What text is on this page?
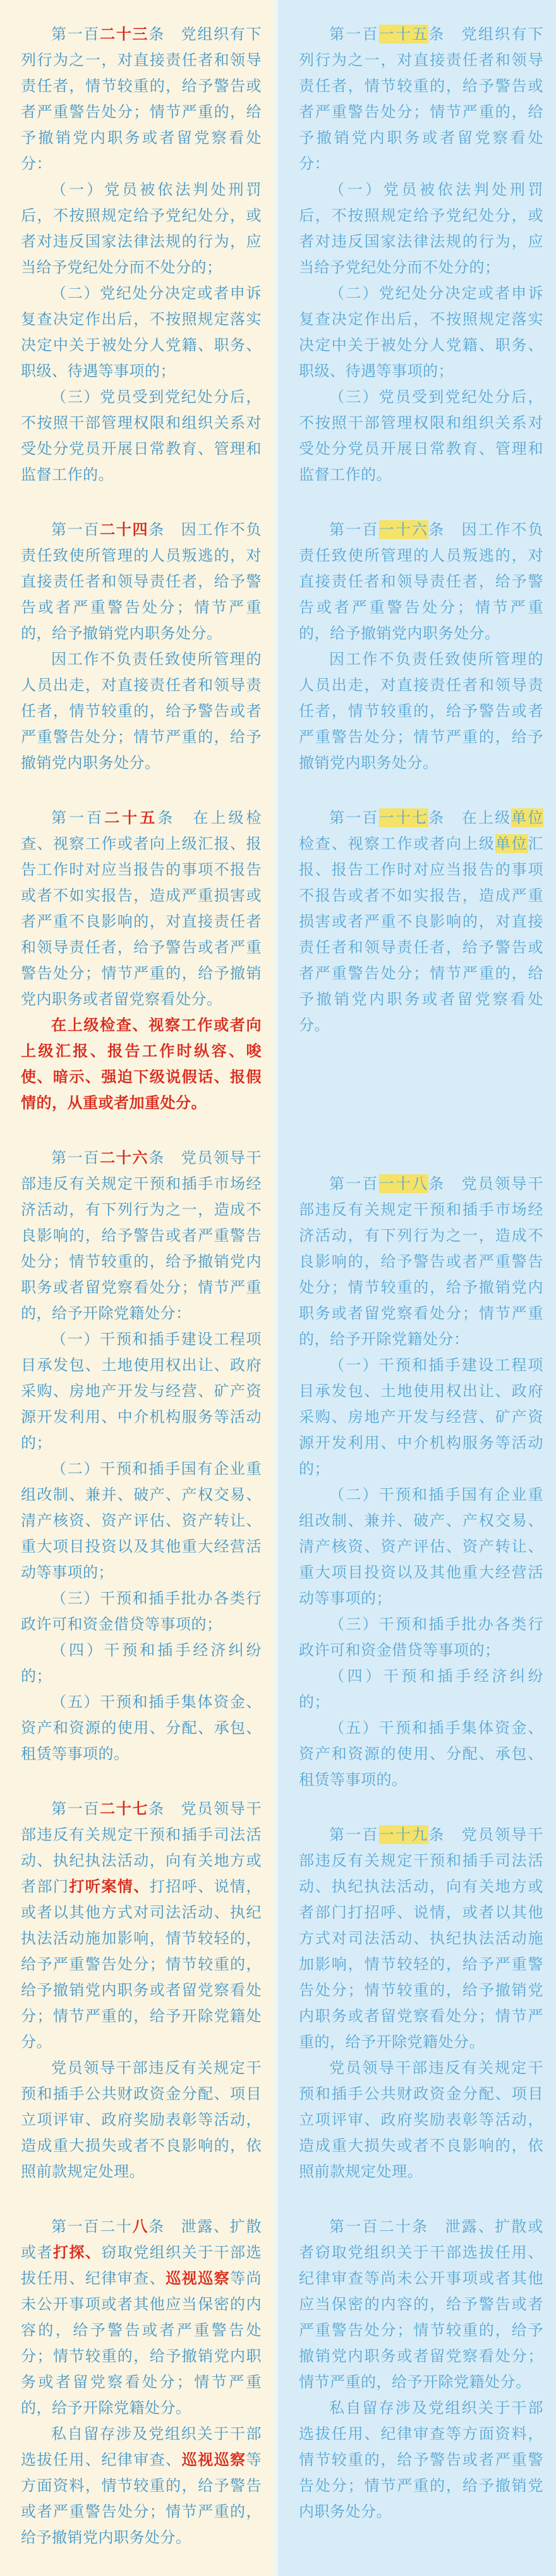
第一百二十三条　党组织有下列行为之一，对直接责任者和领导责任者，情节较重的，给予警告或者严重警告处分；情节严重的，给予撤销党内职务或者留党察看处分：

（一）党员被依法判处刑罚后，不按照规定给予党纪处分，或者对违反国家法律法规的行为，应当给予党纪处分而不处分的；

（二）党纪处分决定或者申诉复查决定作出后，不按照规定落实决定中关于被处分人党籍、职务、职级、待遇等事项的；

（三）党员受到党纪处分后，不按照干部管理权限和组织关系对受处分党员开展日常教育、管理和监督工作的。

第一百二十四条　因工作不负责任致使所管理的人员叛逃的，对直接责任者和领导责任者，给予警告或者严重警告处分；情节严重的，给予撤销党内职务处分。

因工作不负责任致使所管理的人员出走，对直接责任者和领导责任者，情节较重的，给予警告或者严重警告处分；情节严重的，给予撤销党内职务处分。

第一百二十五条　在上级检查、视察工作或者向上级汇报、报告工作时对应当报告的事项不报告或者不如实报告，造成严重损害或者严重不良影响的，对直接责任者和领导责任者，给予警告或者严重警告处分；情节严重的，给予撤销党内职务或者留党察看处分。

在上级检查、视察工作或者向上级汇报、报告工作时纵容、唆使、暗示、强迫下级说假话、报假情的，从重或者加重处分。

第一百二十六条　党员领导干部违反有关规定干预和插手市场经济活动，有下列行为之一，造成不良影响的，给予警告或者严重警告处分；情节较重的，给予撤销党内职务或者留党察看处分；情节严重的，给予开除党籍处分：

（一）干预和插手建设工程项目承发包、土地使用权出让、政府采购、房地产开发与经营、矿产资源开发利用、中介机构服务等活动的；

（二）干预和插手国有企业重组改制、兼并、破产、产权交易、清产核资、资产评估、资产转让、重大项目投资以及其他重大经营活动等事项的；

（三）干预和插手批办各类行政许可和资金借贷等事项的；

（四）干预和插手经济纠纷的；

（五）干预和插手集体资金、资产和资源的使用、分配、承包、租赁等事项的。

第一百二十七条　党员领导干部违反有关规定干预和插手司法活动、执纪执法活动，向有关地方或者部门打听案情、打招呼、说情，或者以其他方式对司法活动、执纪执法活动施加影响，情节较轻的，给予严重警告处分；情节较重的，给予撤销党内职务或者留党察看处分；情节严重的，给予开除党籍处分。

党员领导干部违反有关规定干预和插手公共财政资金分配、项目立项评审、政府奖励表彰等活动，造成重大损失或者不良影响的，依照前款规定处理。

第一百二十八条　泄露、扩散或者打探、窃取党组织关于干部选拔任用、纪律审查、巡视巡察等尚未公开事项或者其他应当保密的内容的，给予警告或者严重警告处分；情节较重的，给予撤销党内职务或者留党察看处分；情节严重的，给予开除党籍处分。

私自留存涉及党组织关于干部选拔任用、纪律审查、巡视巡察等方面资料，情节较重的，给予警告或者严重警告处分；情节严重的，给予撤销党内职务处分。

第一百一十五条　党组织有下列行为之一，对直接责任者和领导责任者，情节较重的，给予警告或者严重警告处分；情节严重的，给予撤销党内职务或者留党察看处分：

（一）党员被依法判处刑罚后，不按照规定给予党纪处分，或者对违反国家法律法规的行为，应当给予党纪处分而不处分的；

（二）党纪处分决定或者申诉复查决定作出后，不按照规定落实决定中关于被处分人党籍、职务、职级、待遇等事项的；

（三）党员受到党纪处分后，不按照干部管理权限和组织关系对受处分党员开展日常教育、管理和监督工作的。

第一百一十六条　因工作不负责任致使所管理的人员叛逃的，对直接责任者和领导责任者，给予警告或者严重警告处分；情节严重的，给予撤销党内职务处分。

因工作不负责任致使所管理的人员出走，对直接责任者和领导责任者，情节较重的，给予警告或者严重警告处分；情节严重的，给予撤销党内职务处分。

第一百一十七条　在上级单位检查、视察工作或者向上级单位汇报、报告工作时对应当报告的事项不报告或者不如实报告，造成严重损害或者严重不良影响的，对直接责任者和领导责任者，给予警告或者严重警告处分；情节严重的，给予撤销党内职务或者留党察看处分。

第一百一十八条　党员领导干部违反有关规定干预和插手市场经济活动，有下列行为之一，造成不良影响的，给予警告或者严重警告处分；情节较重的，给予撤销党内职务或者留党察看处分；情节严重的，给予开除党籍处分：

（一）干预和插手建设工程项目承发包、土地使用权出让、政府采购、房地产开发与经营、矿产资源开发利用、中介机构服务等活动的；

（二）干预和插手国有企业重组改制、兼并、破产、产权交易、清产核资、资产评估、资产转让、重大项目投资以及其他重大经营活动等事项的；

（三）干预和插手批办各类行政许可和资金借贷等事项的；

（四）干预和插手经济纠纷的；

（五）干预和插手集体资金、资产和资源的使用、分配、承包、租赁等事项的。

第一百一十九条　党员领导干部违反有关规定干预和插手司法活动、执纪执法活动，向有关地方或者部门打招呼、说情，或者以其他方式对司法活动、执纪执法活动施加影响，情节较轻的，给予严重警告处分；情节较重的，给予撤销党内职务或者留党察看处分；情节严重的，给予开除党籍处分。

党员领导干部违反有关规定干预和插手公共财政资金分配、项目立项评审、政府奖励表彰等活动，造成重大损失或者不良影响的，依照前款规定处理。

第一百二十条　泄露、扩散或者窃取党组织关于干部选拔任用、纪律审查等尚未公开事项或者其他应当保密的内容的，给予警告或者严重警告处分；情节较重的，给予撤销党内职务或者留党察看处分；情节严重的，给予开除党籍处分。

私自留存涉及党组织关于干部选拔任用、纪律审查等方面资料，情节较重的，给予警告或者严重警告处分；情节严重的，给予撤销党内职务处分。
